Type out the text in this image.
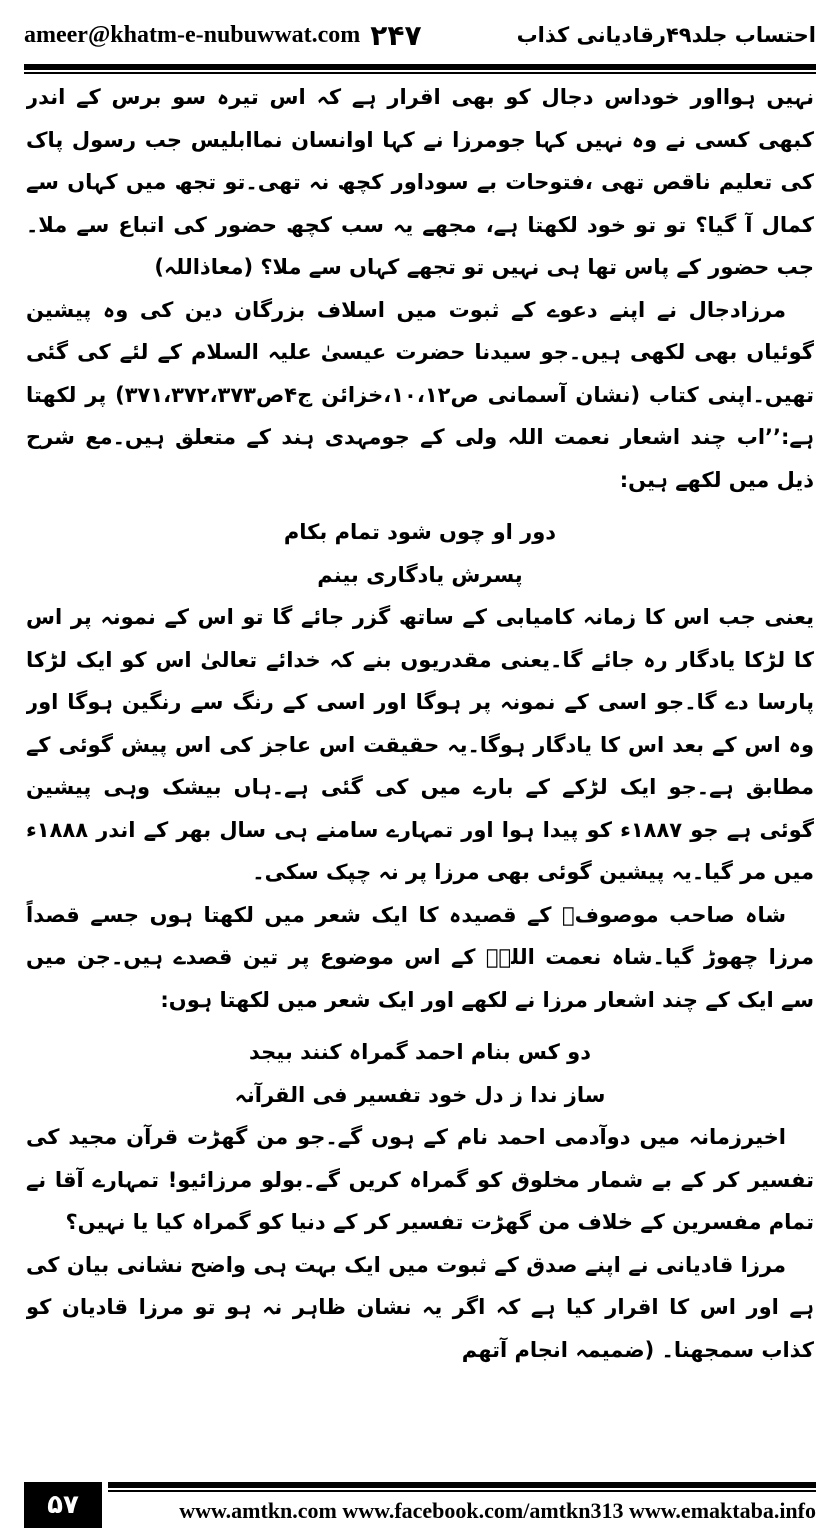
ameer@khatm-e-nubuwwat.com ۲۴۷	احتساب جلد۴۹رقادیانی کذاب

نہیں ہوااور خوداس دجال کو بھی اقرار ہے کہ اس تیرہ سو برس کے اندر کبھی کسی نے وہ نہیں کہا جومرزا نے کہا اوانسان نماابلیس جب رسول پاک کی تعلیم ناقص تھی ،فتوحات بے سوداور کچھ نہ تھی۔تو تجھ میں کہاں سے کمال آ گیا؟ تو تو خود لکھتا ہے، مجھے یہ سب کچھ حضور کی اتباع سے ملا۔جب حضور کے پاس تھا ہی نہیں تو تجھے کہاں سے ملا؟ (معاذاللہ)

مرزادجال نے اپنے دعوے کے ثبوت میں اسلاف بزرگان دین کی وہ پیشین گوئیاں بھی لکھی ہیں۔جو سیدنا حضرت عیسیٰ علیہ السلام کے لئے کی گئی تھیں۔اپنی کتاب (نشان آسمانی ص۱۰،۱۲،خزائن ج۴ص۳۷۱،۳۷۲،۳۷۳) پر لکھتا ہے:’’اب چند اشعار نعمت اللہ ولی کے جومہدی ہند کے متعلق ہیں۔مع شرح ذیل میں لکھے ہیں:

دور او چوں شود تمام بکام

پسرش یادگاری بینم

یعنی جب اس کا زمانہ کامیابی کے ساتھ گزر جائے گا تو اس کے نمونہ پر اس کا لڑکا یادگار رہ جائے گا۔یعنی مقدریوں بنے کہ خدائے تعالیٰ اس کو ایک لڑکا پارسا دے گا۔جو اسی کے نمونہ پر ہوگا اور اسی کے رنگ سے رنگین ہوگا اور وہ اس کے بعد اس کا یادگار ہوگا۔یہ حقیقت اس عاجز کی اس پیش گوئی کے مطابق ہے۔جو ایک لڑکے کے بارے میں کی گئی ہے۔ہاں بیشک وہی پیشین گوئی ہے جو ۱۸۸۷ء کو پیدا ہوا اور تمہارے سامنے ہی سال بھر کے اندر ۱۸۸۸ء میں مر گیا۔یہ پیشین گوئی بھی مرزا پر نہ چپک سکی۔

شاہ صاحب موصوفؒ کے قصیدہ کا ایک شعر میں لکھتا ہوں جسے قصداً مرزا چھوڑ گیا۔شاہ نعمت اللہؒ کے اس موضوع پر تین قصدے ہیں۔جن میں سے ایک کے چند اشعار مرزا نے لکھے اور ایک شعر میں لکھتا ہوں:

دو کس بنام احمد گمراہ کنند بیجد

ساز ندا ز دل خود تفسیر فی القرآنہ

اخیرزمانہ میں دوآدمی احمد نام کے ہوں گے۔جو من گھڑت قرآن مجید کی تفسیر کر کے بے شمار مخلوق کو گمراہ کریں گے۔بولو مرزائیو! تمہارے آقا نے تمام مفسرین کے خلاف من گھڑت تفسیر کر کے دنیا کو گمراہ کیا یا نہیں؟

مرزا قادیانی نے اپنے صدق کے ثبوت میں ایک بہت ہی واضح نشانی بیان کی ہے اور اس کا اقرار کیا ہے کہ اگر یہ نشان ظاہر نہ ہو تو مرزا قادیان کو کذاب سمجھنا۔ (ضمیمہ انجام آتھم

۵۷	www.amtkn.com www.facebook.com/amtkn313 www.emaktaba.info
